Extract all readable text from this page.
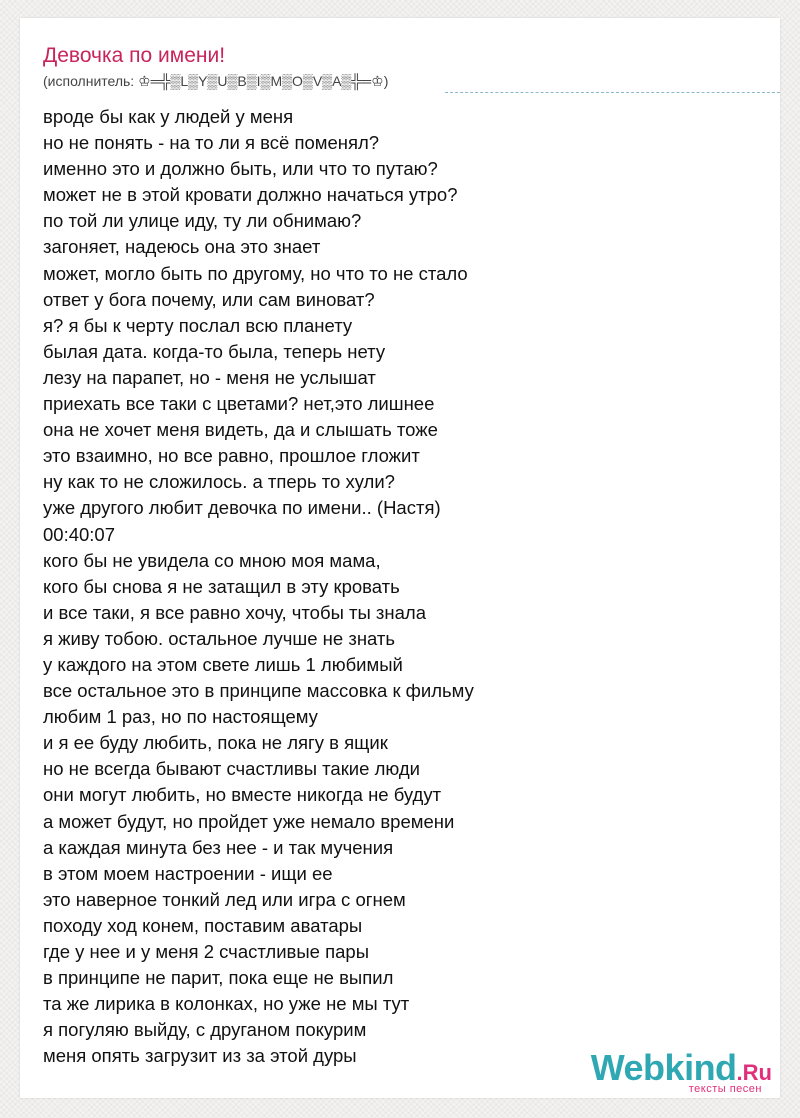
Девочка по имени!
(исполнитель: ♔═╬▒L▒Y▒U▒B▒I▒M▒O▒V▒A▒╬═♔)
вроде бы как у людей у меня
но не понять - на то ли я всё поменял?
именно это и должно быть, или что то путаю?
может не в этой кровати должно начаться утро?
по той ли улице иду, ту ли обнимаю?
загоняет, надеюсь она это знает
может, могло быть по другому, но что то не стало
ответ у бога почему, или сам виноват?
я? я бы к черту послал всю планету
былая дата. когда-то была, теперь нету
лезу на парапет, но - меня не услышат
приехать все таки с цветами? нет,это лишнее
она не хочет меня видеть, да и слышать тоже
это взаимно, но все равно, прошлое гложит
ну как то не сложилось. а тперь то хули?
уже другого любит девочка по имени.. (Настя)
00:40:07
кого бы не увидела со мною моя мама,
кого бы снова я не затащил в эту кровать
и все таки, я все равно хочу, чтобы ты знала
я живу тобою. остальное лучше не знать
у каждого на этом свете лишь 1 любимый
все остальное это в принципе массовка к фильму
любим 1 раз, но по настоящему
и я ее буду любить, пока не лягу в ящик
но не всегда бывают счастливы такие люди
они могут любить, но вместе никогда не будут
а может будут, но пройдет уже немало времени
а каждая минута без нее - и так мучения
в этом моем настроении - ищи ее
это наверное тонкий лед или игра с огнем
походу ход конем, поставим аватары
где у нее и у меня 2 счастливые пары
в принципе не парит, пока еще не выпил
та же лирика в колонках, но уже не мы тут
я погуляю выйду, с друганом покурим
меня опять загрузит из за этой дуры	Webkind.Ru
тексты песен
